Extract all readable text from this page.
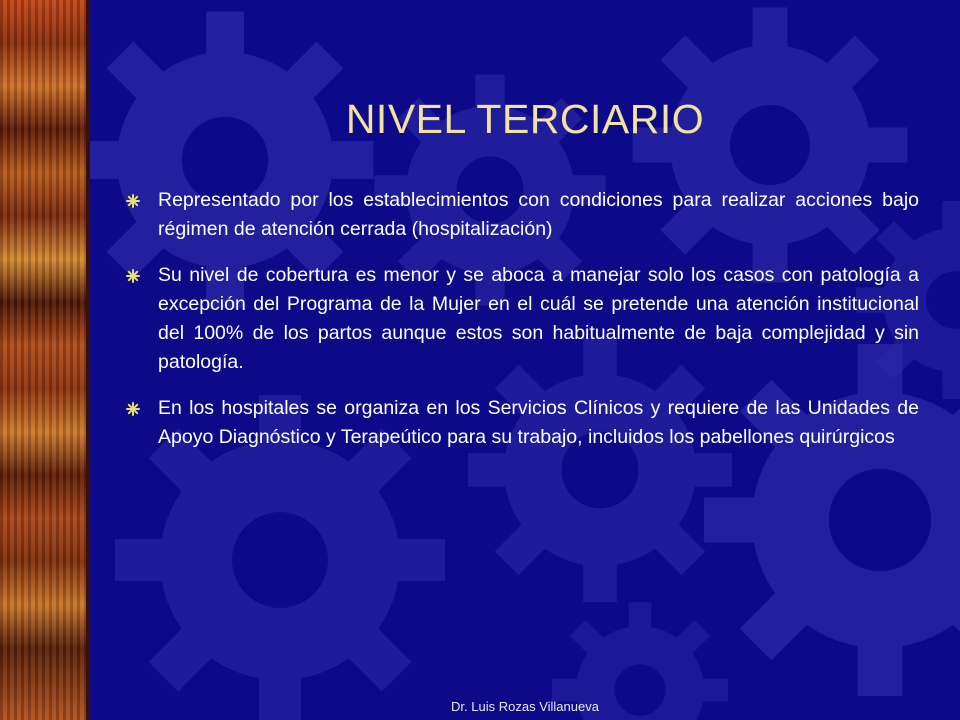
NIVEL TERCIARIO
Representado por los establecimientos con condiciones para realizar acciones bajo régimen de atención cerrada (hospitalización)
Su nivel de cobertura es menor y se aboca a manejar solo los casos con patología a excepción del Programa de la Mujer en el cuál se pretende una atención institucional del 100% de los partos aunque estos son habitualmente de baja complejidad y sin patología.
En los hospitales se organiza en los Servicios Clínicos y requiere de las Unidades de Apoyo Diagnóstico y Terapeútico para su trabajo, incluidos los pabellones quirúrgicos
Dr. Luis Rozas Villanueva
